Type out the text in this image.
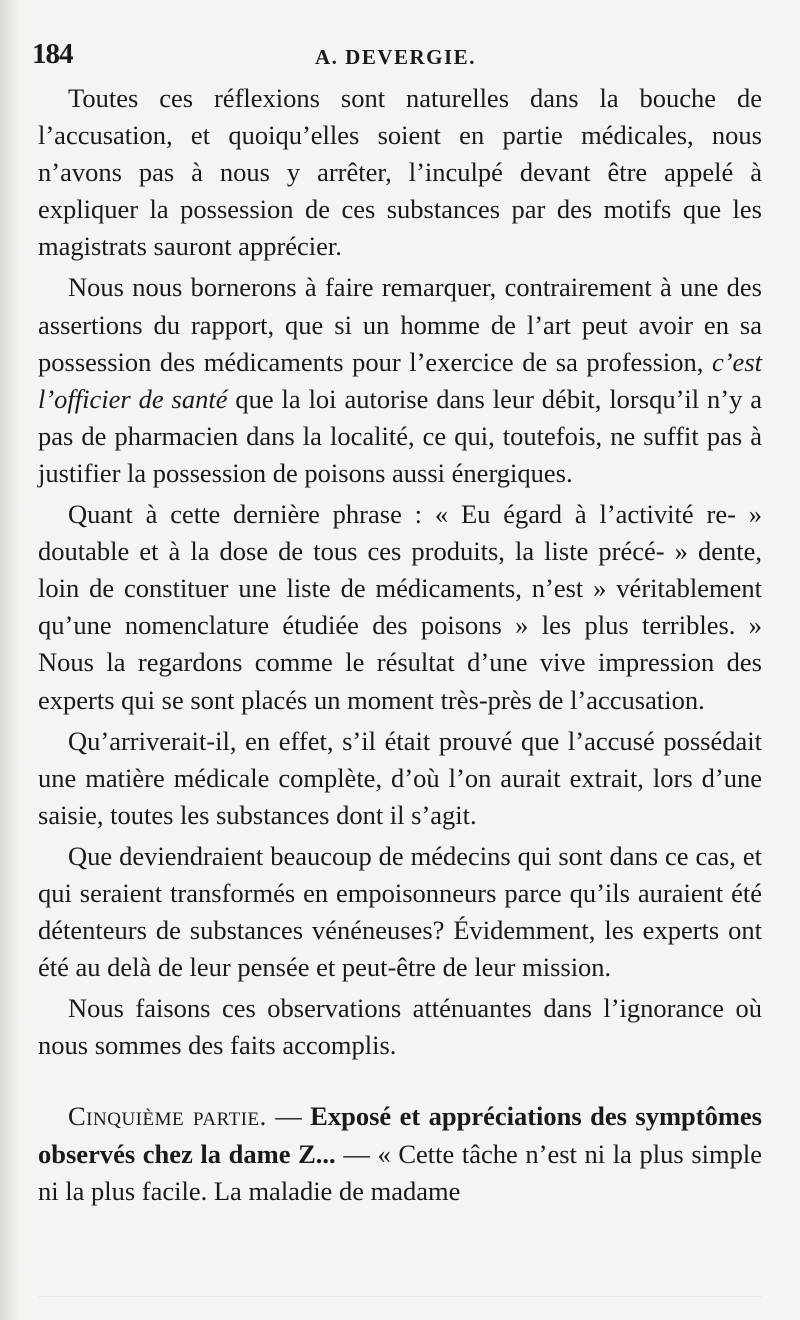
184	A. DEVERGIE.

Toutes ces réflexions sont naturelles dans la bouche de l’accusation, et quoiqu’elles soient en partie médicales, nous n’avons pas à nous y arrêter, l’inculpé devant être appelé à expliquer la possession de ces substances par des motifs que les magistrats sauront apprécier.

Nous nous bornerons à faire remarquer, contrairement à une des assertions du rapport, que si un homme de l’art peut avoir en sa possession des médicaments pour l’exercice de sa profession, c’est l’officier de santé que la loi autorise dans leur débit, lorsqu’il n’y a pas de pharmacien dans la localité, ce qui, toutefois, ne suffit pas à justifier la possession de poisons aussi énergiques.

Quant à cette dernière phrase : « Eu égard à l’activité re- » doutable et à la dose de tous ces produits, la liste précé- » dente, loin de constituer une liste de médicaments, n’est » véritablement qu’une nomenclature étudiée des poisons » les plus terribles. » Nous la regardons comme le résultat d’une vive impression des experts qui se sont placés un moment très-près de l’accusation.

Qu’arriverait-il, en effet, s’il était prouvé que l’accusé possédait une matière médicale complète, d’où l’on aurait extrait, lors d’une saisie, toutes les substances dont il s’agit.

Que deviendraient beaucoup de médecins qui sont dans ce cas, et qui seraient transformés en empoisonneurs parce qu’ils auraient été détenteurs de substances vénéneuses? Évidemment, les experts ont été au delà de leur pensée et peut-être de leur mission.

Nous faisons ces observations atténuantes dans l’ignorance où nous sommes des faits accomplis.

Cinquième partie. — Exposé et appréciations des symptômes observés chez la dame Z... — « Cette tâche n’est ni la plus simple ni la plus facile. La maladie de madame
